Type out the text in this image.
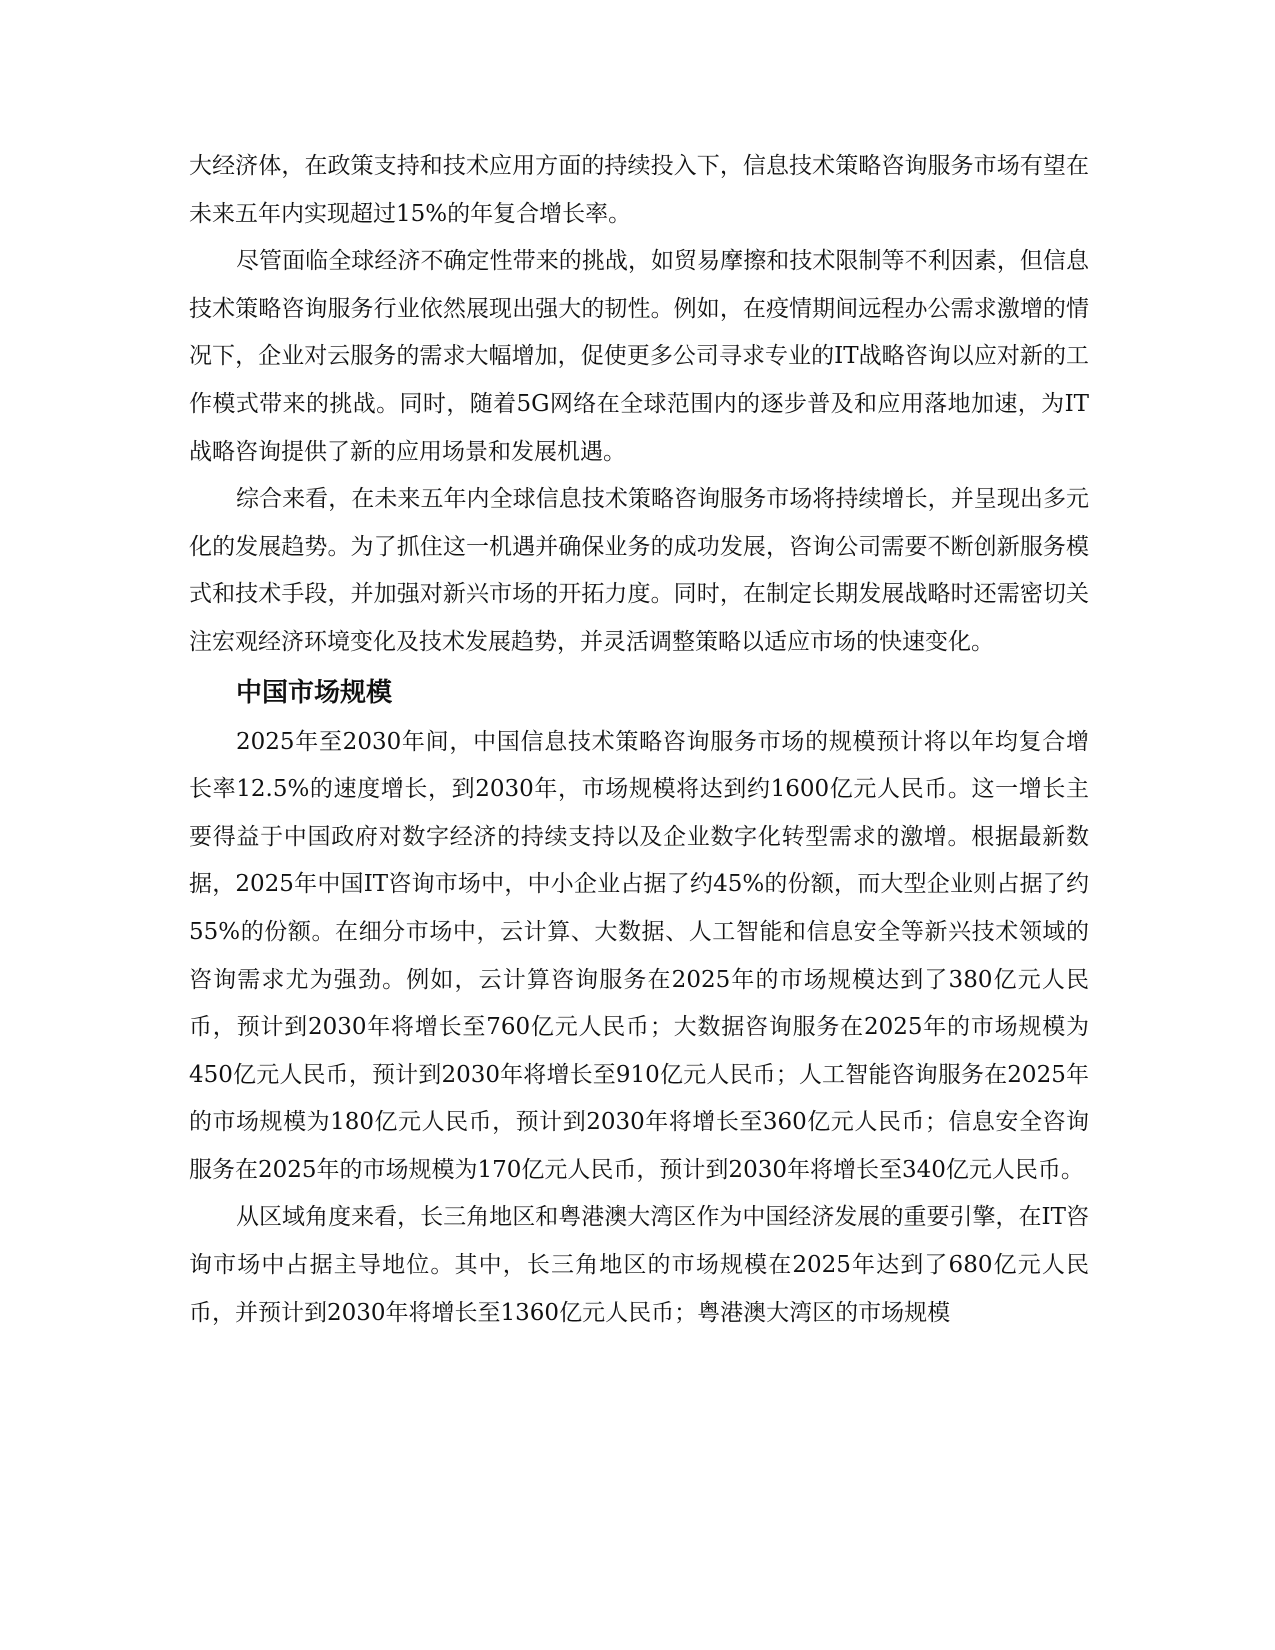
大经济体，在政策支持和技术应用方面的持续投入下，信息技术策略咨询服务市场有望在未来五年内实现超过15%的年复合增长率。

尽管面临全球经济不确定性带来的挑战，如贸易摩擦和技术限制等不利因素，但信息技术策略咨询服务行业依然展现出强大的韧性。例如，在疫情期间远程办公需求激增的情况下，企业对云服务的需求大幅增加，促使更多公司寻求专业的IT战略咨询以应对新的工作模式带来的挑战。同时，随着5G网络在全球范围内的逐步普及和应用落地加速，为IT战略咨询提供了新的应用场景和发展机遇。

综合来看，在未来五年内全球信息技术策略咨询服务市场将持续增长，并呈现出多元化的发展趋势。为了抓住这一机遇并确保业务的成功发展，咨询公司需要不断创新服务模式和技术手段，并加强对新兴市场的开拓力度。同时，在制定长期发展战略时还需密切关注宏观经济环境变化及技术发展趋势，并灵活调整策略以适应市场的快速变化。

中国市场规模

2025年至2030年间，中国信息技术策略咨询服务市场的规模预计将以年均复合增长率12.5%的速度增长，到2030年，市场规模将达到约1600亿元人民币。这一增长主要得益于中国政府对数字经济的持续支持以及企业数字化转型需求的激增。根据最新数据，2025年中国IT咨询市场中，中小企业占据了约45%的份额，而大型企业则占据了约55%的份额。在细分市场中，云计算、大数据、人工智能和信息安全等新兴技术领域的咨询需求尤为强劲。例如，云计算咨询服务在2025年的市场规模达到了380亿元人民币，预计到2030年将增长至760亿元人民币；大数据咨询服务在2025年的市场规模为450亿元人民币，预计到2030年将增长至910亿元人民币；人工智能咨询服务在2025年的市场规模为180亿元人民币，预计到2030年将增长至360亿元人民币；信息安全咨询服务在2025年的市场规模为170亿元人民币，预计到2030年将增长至340亿元人民币。

从区域角度来看，长三角地区和粤港澳大湾区作为中国经济发展的重要引擎，在IT咨询市场中占据主导地位。其中，长三角地区的市场规模在2025年达到了680亿元人民币，并预计到2030年将增长至1360亿元人民币；粤港澳大湾区的市场规模
